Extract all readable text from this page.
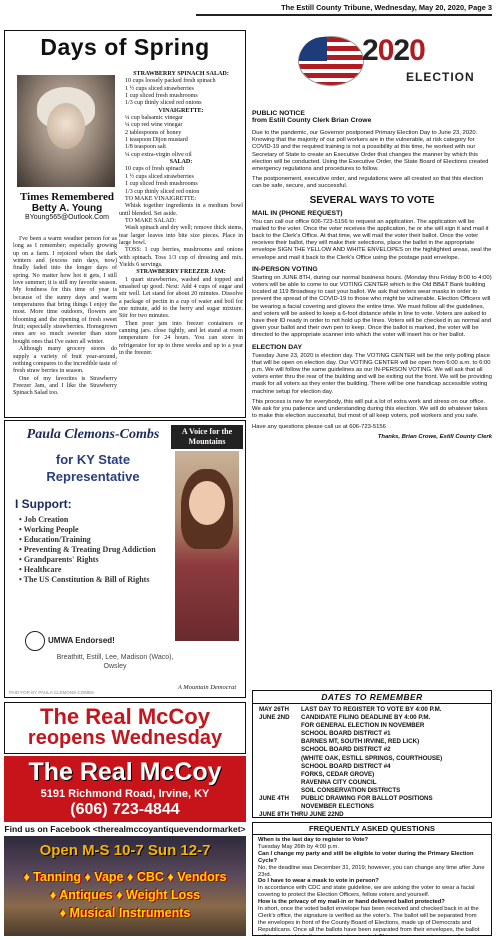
The Estill County Tribune, Wednesday, May 20, 2020, Page 3
Days of Spring
Times Remembered
Betty A. Young
BYoung565@Outlook.Com

I've been a warm weather person for as long as I remember; especially growing up on a farm. I rejoiced when the dark winters and (excess rain days, now) finally faded into the longer days of spring. No matter how hot it gets, I still love summer; it is still my favorite season. My fondness for this time of year is because of the sunny days and warm temperatures that bring things I enjoy the most. More time outdoors, flowers are blooming and the ripening of fresh sweet fruit; especially strawberries. Homegrown ones are so much sweeter than store bought ones that I've eaten all winter.

Although many grocery stores do supply a variety of fruit year-around, nothing compares to the incredible taste of fresh straw berries in season.

One of my favorites is Strawberry Freezer Jam, and I like the Strawberry Spinach Salad too.

STRAWBERRY SPINACH SALAD:
10 cups loosely packed fresh spinach
1 ½ cups sliced strawberries
1 cup sliced fresh mushrooms
1/3 cup thinly sliced red onions
VINAIGRETTE:
¼ cup balsamic vinegar
¼ cup red wine vinegar
2 tablespoons of honey
1 teaspoon Dijon mustard
1/8 teaspoon salt
¼ cup extra-virgin olive oil
SALAD:
10 cups of fresh spinach
1 ½ cups sliced strawberries
1 cup sliced fresh mushrooms
1/3 cup thinly sliced red onion
TO MAKE VINAIGRETTE:

Whisk together ingredients in a medium bowl until blended. Set aside.

TO MAKE SALAD:

Wash spinach and dry well; remove thick stems, tear larger leaves into bite size pieces. Place in large bowl.

TOSS: 1 cup berries, mushrooms and onions with spinach. Toss 1/3 cup of dressing and mix. Yields 6 servings.

STRAWBERRY FREEZER JAM:

1 quart strawberries, washed and topped and smashed up good. Next: Add 4 cups of sugar and stir well. Let stand for about 20 minutes. Dissolve a package of pectin in a cup of water and boil for one minute, add to the berry and sugar mixture. Stir for two minutes.

Then pour jam into freezer containers or canning jars. close tightly, and let stand at room temperature for 24 hours. You can store in refrigerator for up to three weeks and up to a year in the freezer.

Paula Clemons-Combs
for KY State
Representative
A Voice for the Mountains
I Support:
• Job Creation
• Working People
• Education/Training
• Preventing & Treating Drug Addiction
• Grandparents' Rights
• Healthcare
• The US Constitution & Bill of Rights
A Mountain Democrat
UMWA Endorsed!
Breathitt, Estill, Lee, Madison (Waco), Owsley
PAID FOR BY PAULA CLEMONS-COMBS
The Real McCoy
reopens Wednesday
The Real McCoy
5191 Richmond Road, Irvine, KY
(606) 723-4844
Find us on Facebook <therealmccoyantiquevendormarket>
Open M-S 10-7 Sun 12-7
♦ Tanning ♦ Vape ♦ CBC ♦ Vendors
♦ Antiques ♦ Weight Loss
♦ Musical Instruments
2020
ELECTION
PUBLIC NOTICE
from Estill County Clerk Brian Crowe

Due to the pandemic, our Governor postponed Primary Election Day to June 23, 2020. Knowing that the majority of our poll workers are in the vulnerable, at risk category for COVID-19 and the required training is not a possibility at this time, he worked with our Secretary of State to create an Executive Order that changes the manner by which this election will be conducted. Using the Executive Order, the State Board of Elections created emergency regulations and procedures to follow.

The postponement, executive order, and regulations were all created so that this election can be safe, secure, and successful.

SEVERAL WAYS TO VOTE
MAIL IN (PHONE REQUEST)

You can call our office 606-723-5156 to request an application. The application will be mailed to the voter. Once the voter receives the application, he or she will sign it and mail it back to the Clerk's Office. At that time, we will mail the voter their ballot. Once the voter receives their ballot, they will make their selections, place the ballot in the appropriate envelope SIGN THE YELLOW AND WHITE ENVELOPES on the highlighted areas, seal the envelope and mail it back to the Clerk's Office using the postage paid envelope.

IN-PERSON VOTING

Starting on JUNE 8TH, during our normal business hours. (Monday thru Friday 8:00 to 4:00) voters will be able to come to our VOTING CENTER which is the Old BB&T Bank building located at 119 Broadway to cast your ballot. We ask that voters wear masks in order to prevent the spread of the COVID-19 to those who might be vulnerable. Election Officers will be wearing a facial covering and gloves the entire time. We must follow all the guidelines, and voters will be asked to keep a 6-foot distance while in line to vote. Voters are asked to have their ID ready in order to not hold up the lines. Voters will be checked in as normal and given your ballot and their own pen to keep. Once the ballot is marked, the voter will be directed to the appropriate scanner into which the voter will insert his or her ballot.

ELECTION DAY

Tuesday June 23, 2020 is election day. The VOTING CENTER will be the only polling place that will be open on election day. Our VOTING CENTER will be open from 6:00 a.m. to 6:00 p.m. We will follow the same guidelines as our IN-PERSON VOTING. We will ask that all voters enter thru the rear of the building and will be exiting out the front. We will be providing mask for all voters as they enter the building. There will be one handicap accessible voting machine setup for election day.

This process is new for everybody, this will put a lot of extra work and stress on our office. We ask for you patience and understanding during this election. We will do whatever takes to make this election successful, but most of all keep voters, poll workers and you safe.

Have any questions please call us at 606-723-5156

Thanks, Brian Crowe, Estill County Clerk

DATES TO REMEMBER
MAY 26TH	LAST DAY TO REGISTER TO VOTE BY 4:00 P.M.
JUNE 2ND	CANDIDATE FILING DEADLINE BY 4:00 P.M.
FOR GENERAL ELECTION IN NOVEMBER
SCHOOL BOARD DISTRICT #1
BARNES MT, SOUTH IRVINE, RED LICK)
SCHOOL BOARD DISTRICT #2
(WHITE OAK, ESTILL SPRINGS, COURTHOUSE)
SCHOOL BOARD DISTRICT #4
FORKS, CEDAR GROVE)
RAVENNA CITY COUNCIL
SOIL CONSERVATION DISTRICTS
JUNE 4TH	PUBLIC DRAWING FOR BALLOT POSITIONS
NOVEMBER ELECTIONS
JUNE 8TH THRU JUNE 22ND
FREQUENTLY ASKED QUESTIONS
When is the last day to register to Vote?
Tuesday May 26th by 4:00 p.m.
Can I change my party and still be eligible to voter during the Primary Election Cycle?
No, the deadline was December 31, 2019; however, you can change any time after June 23rd.
Do I have to wear a mask to vote in person?
In accordance with CDC and state guideline, we are asking the voter to wear a facial covering to protect the Election Officers, fellow voters and yourself.
How is the privacy of my mail-in or hand delivered ballot protected?
In short, once the voted ballot envelope has been received and checked back in at the Clerk's office, the signature is verified as the voter's. The ballot will be separated from the envelopes in front of the County Board of Elections, made up of Democrats and Republicans. Once all the ballots have been separated from their envelopes, the ballot
